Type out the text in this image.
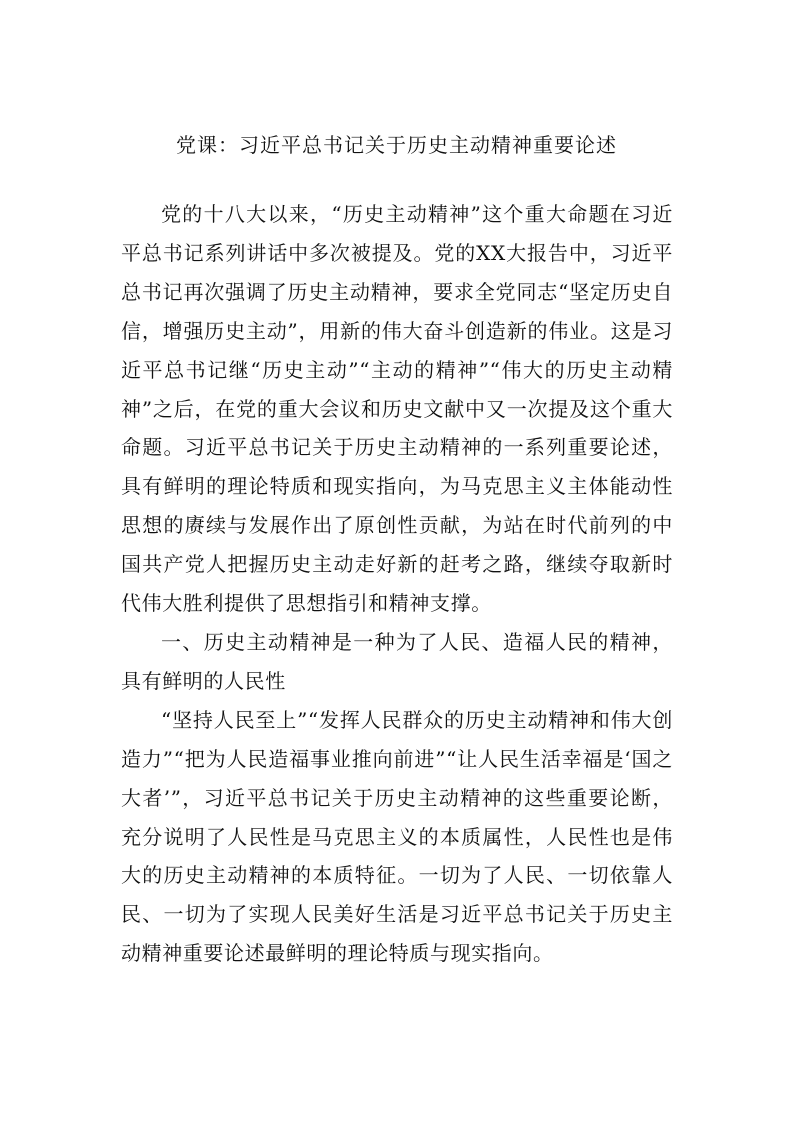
党课：习近平总书记关于历史主动精神重要论述

党的十八大以来，“历史主动精神”这个重大命题在习近平总书记系列讲话中多次被提及。党的XX大报告中，习近平总书记再次强调了历史主动精神，要求全党同志“坚定历史自信，增强历史主动”，用新的伟大奋斗创造新的伟业。这是习近平总书记继“历史主动”“主动的精神”“伟大的历史主动精神”之后，在党的重大会议和历史文献中又一次提及这个重大命题。习近平总书记关于历史主动精神的一系列重要论述，具有鲜明的理论特质和现实指向，为马克思主义主体能动性思想的赓续与发展作出了原创性贡献，为站在时代前列的中国共产党人把握历史主动走好新的赶考之路，继续夺取新时代伟大胜利提供了思想指引和精神支撑。

一、历史主动精神是一种为了人民、造福人民的精神，具有鲜明的人民性

“坚持人民至上”“发挥人民群众的历史主动精神和伟大创造力”“把为人民造福事业推向前进”“让人民生活幸福是‘国之大者’”，习近平总书记关于历史主动精神的这些重要论断，充分说明了人民性是马克思主义的本质属性，人民性也是伟大的历史主动精神的本质特征。一切为了人民、一切依靠人民、一切为了实现人民美好生活是习近平总书记关于历史主动精神重要论述最鲜明的理论特质与现实指向。
